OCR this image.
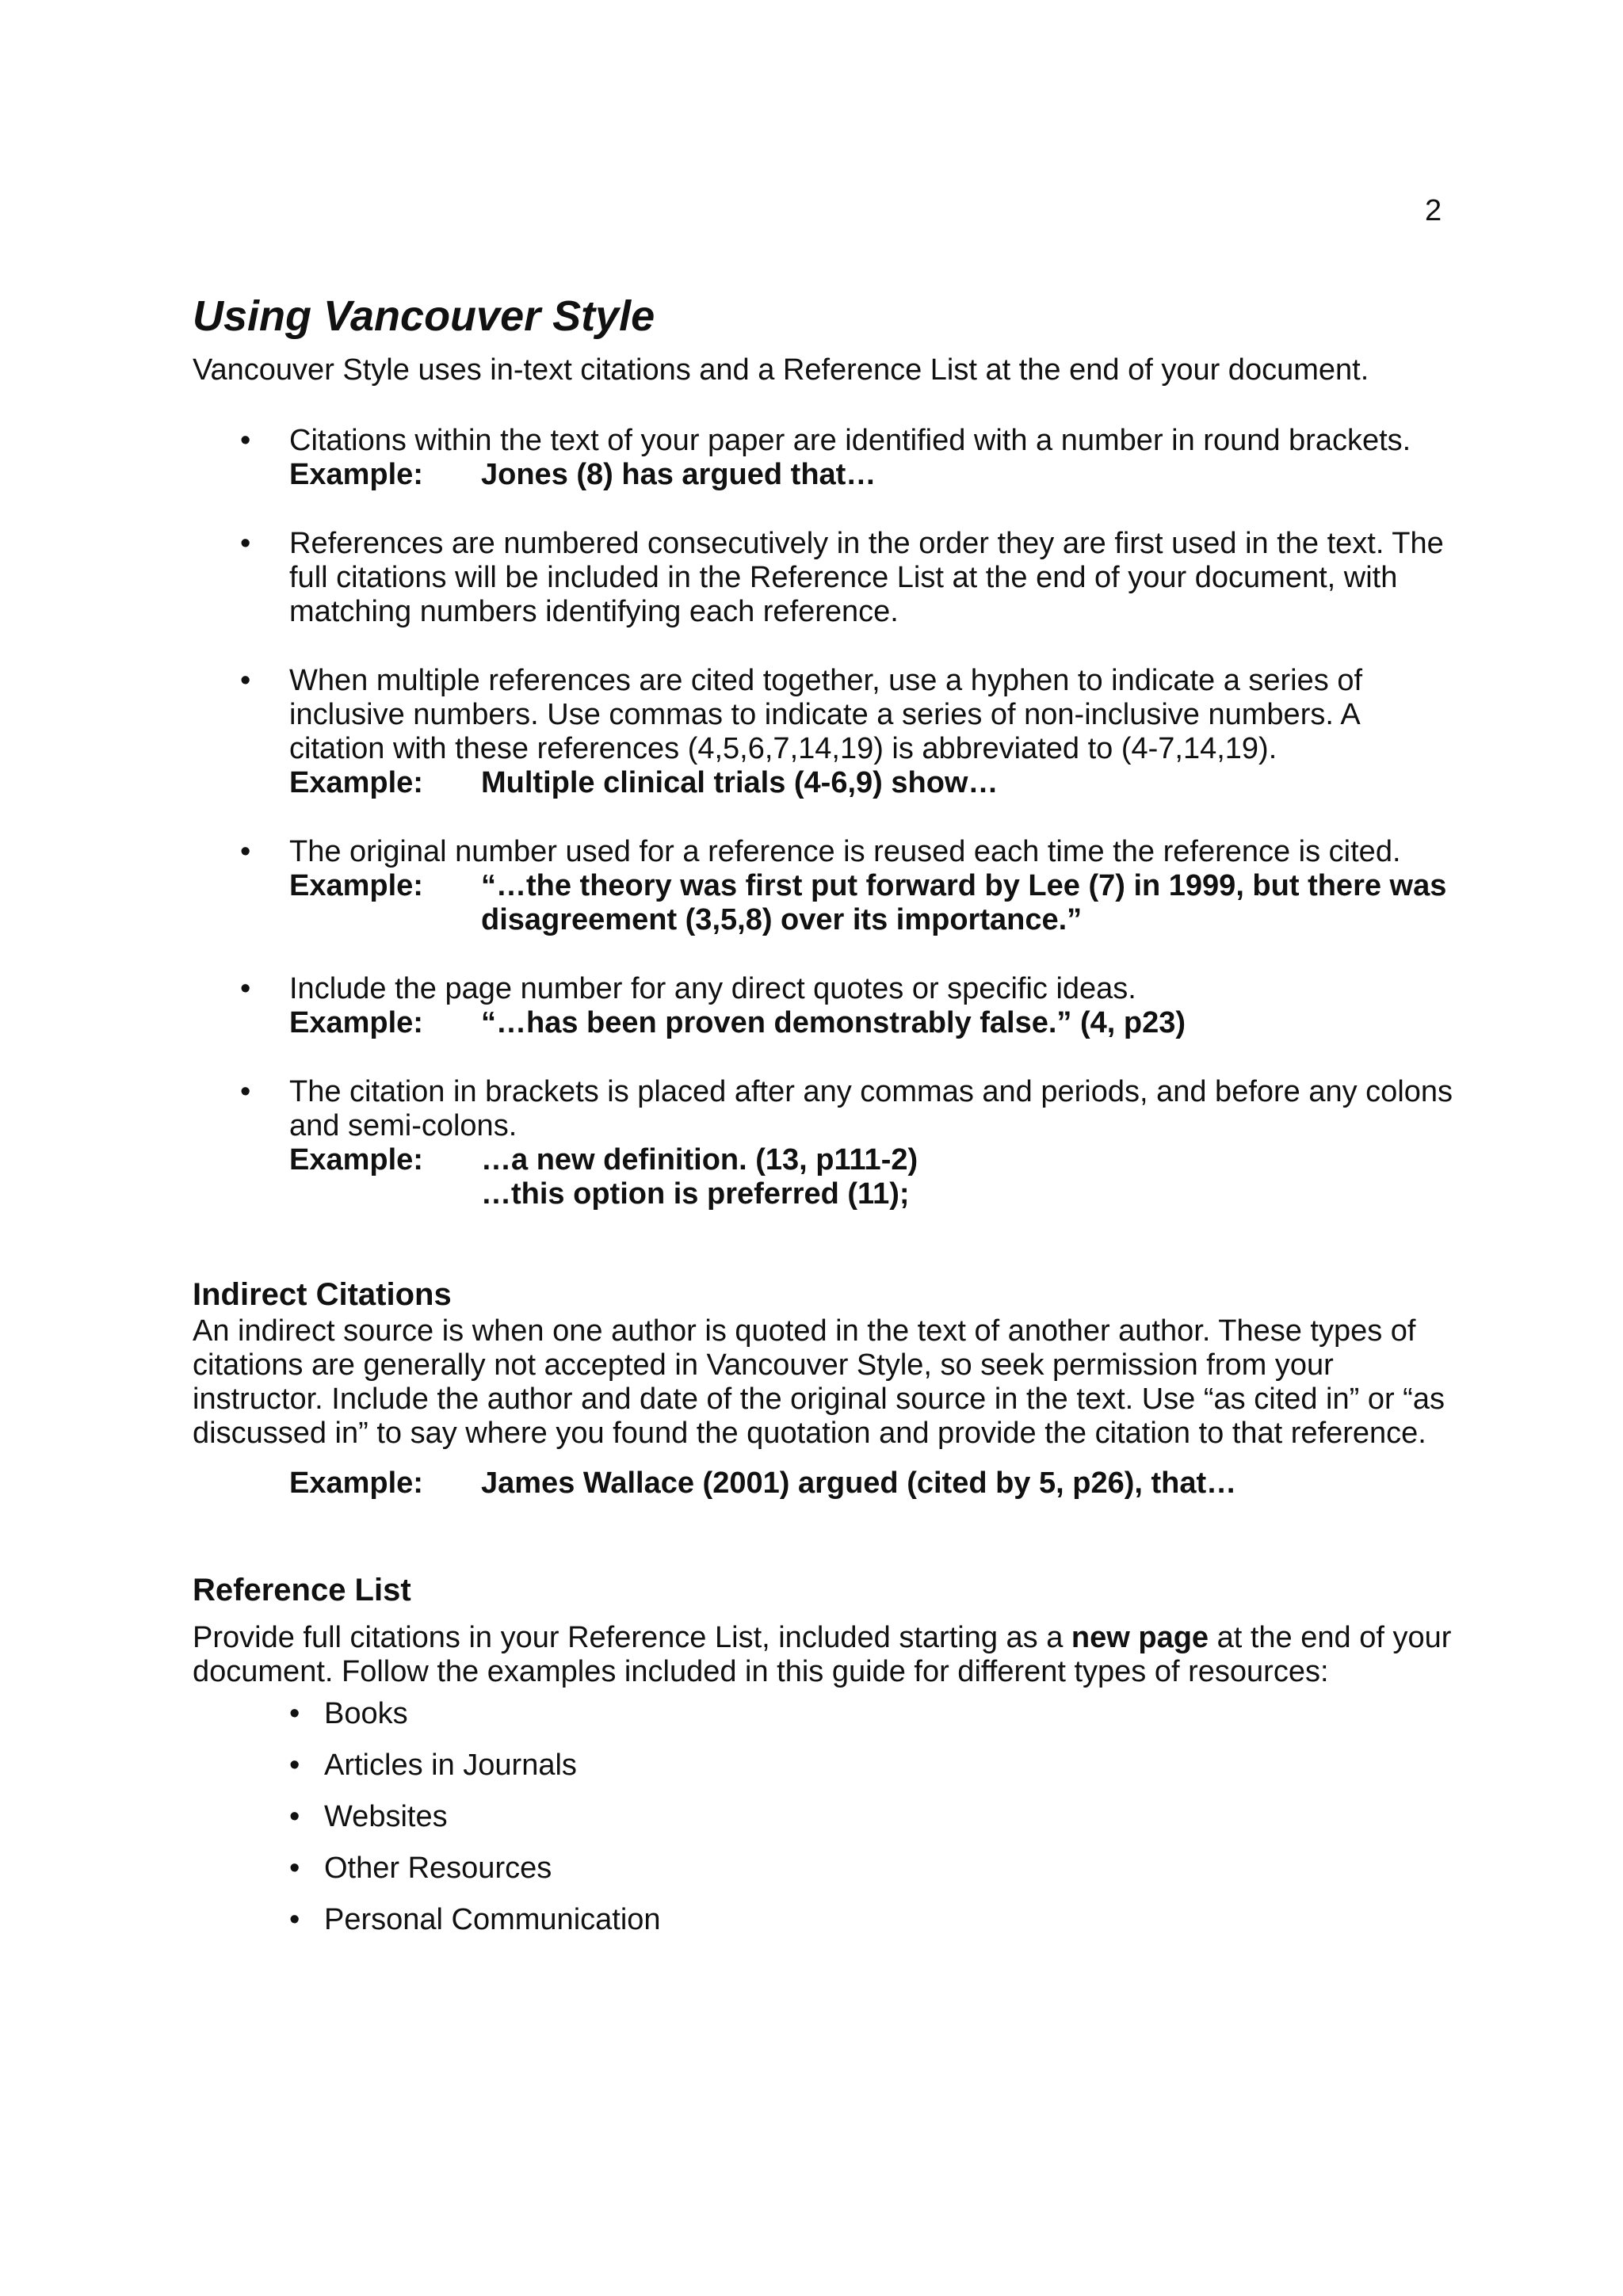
2
Using Vancouver Style

Vancouver Style uses in-text citations and a Reference List at the end of your document.

• Citations within the text of your paper are identified with a number in round brackets.
Example:	Jones (8) has argued that…
• References are numbered consecutively in the order they are first used in the text. The full citations will be included in the Reference List at the end of your document, with matching numbers identifying each reference.
• When multiple references are cited together, use a hyphen to indicate a series of inclusive numbers. Use commas to indicate a series of non-inclusive numbers. A citation with these references (4,5,6,7,14,19) is abbreviated to (4-7,14,19).
Example:	Multiple clinical trials (4-6,9) show…
• The original number used for a reference is reused each time the reference is cited.
Example:	“…the theory was first put forward by Lee (7) in 1999, but there was disagreement (3,5,8) over its importance.”
• Include the page number for any direct quotes or specific ideas.
Example:	“…has been proven demonstrably false.” (4, p23)
• The citation in brackets is placed after any commas and periods, and before any colons and semi-colons.
Example:	…a new definition. (13, p111-2)
…this option is preferred (11);
Indirect Citations

An indirect source is when one author is quoted in the text of another author. These types of citations are generally not accepted in Vancouver Style, so seek permission from your instructor. Include the author and date of the original source in the text. Use “as cited in” or “as discussed in” to say where you found the quotation and provide the citation to that reference.

Example:	James Wallace (2001) argued (cited by 5, p26), that…
Reference List

Provide full citations in your Reference List, included starting as a new page at the end of your document. Follow the examples included in this guide for different types of resources:

• Books
• Articles in Journals
• Websites
• Other Resources
• Personal Communication
